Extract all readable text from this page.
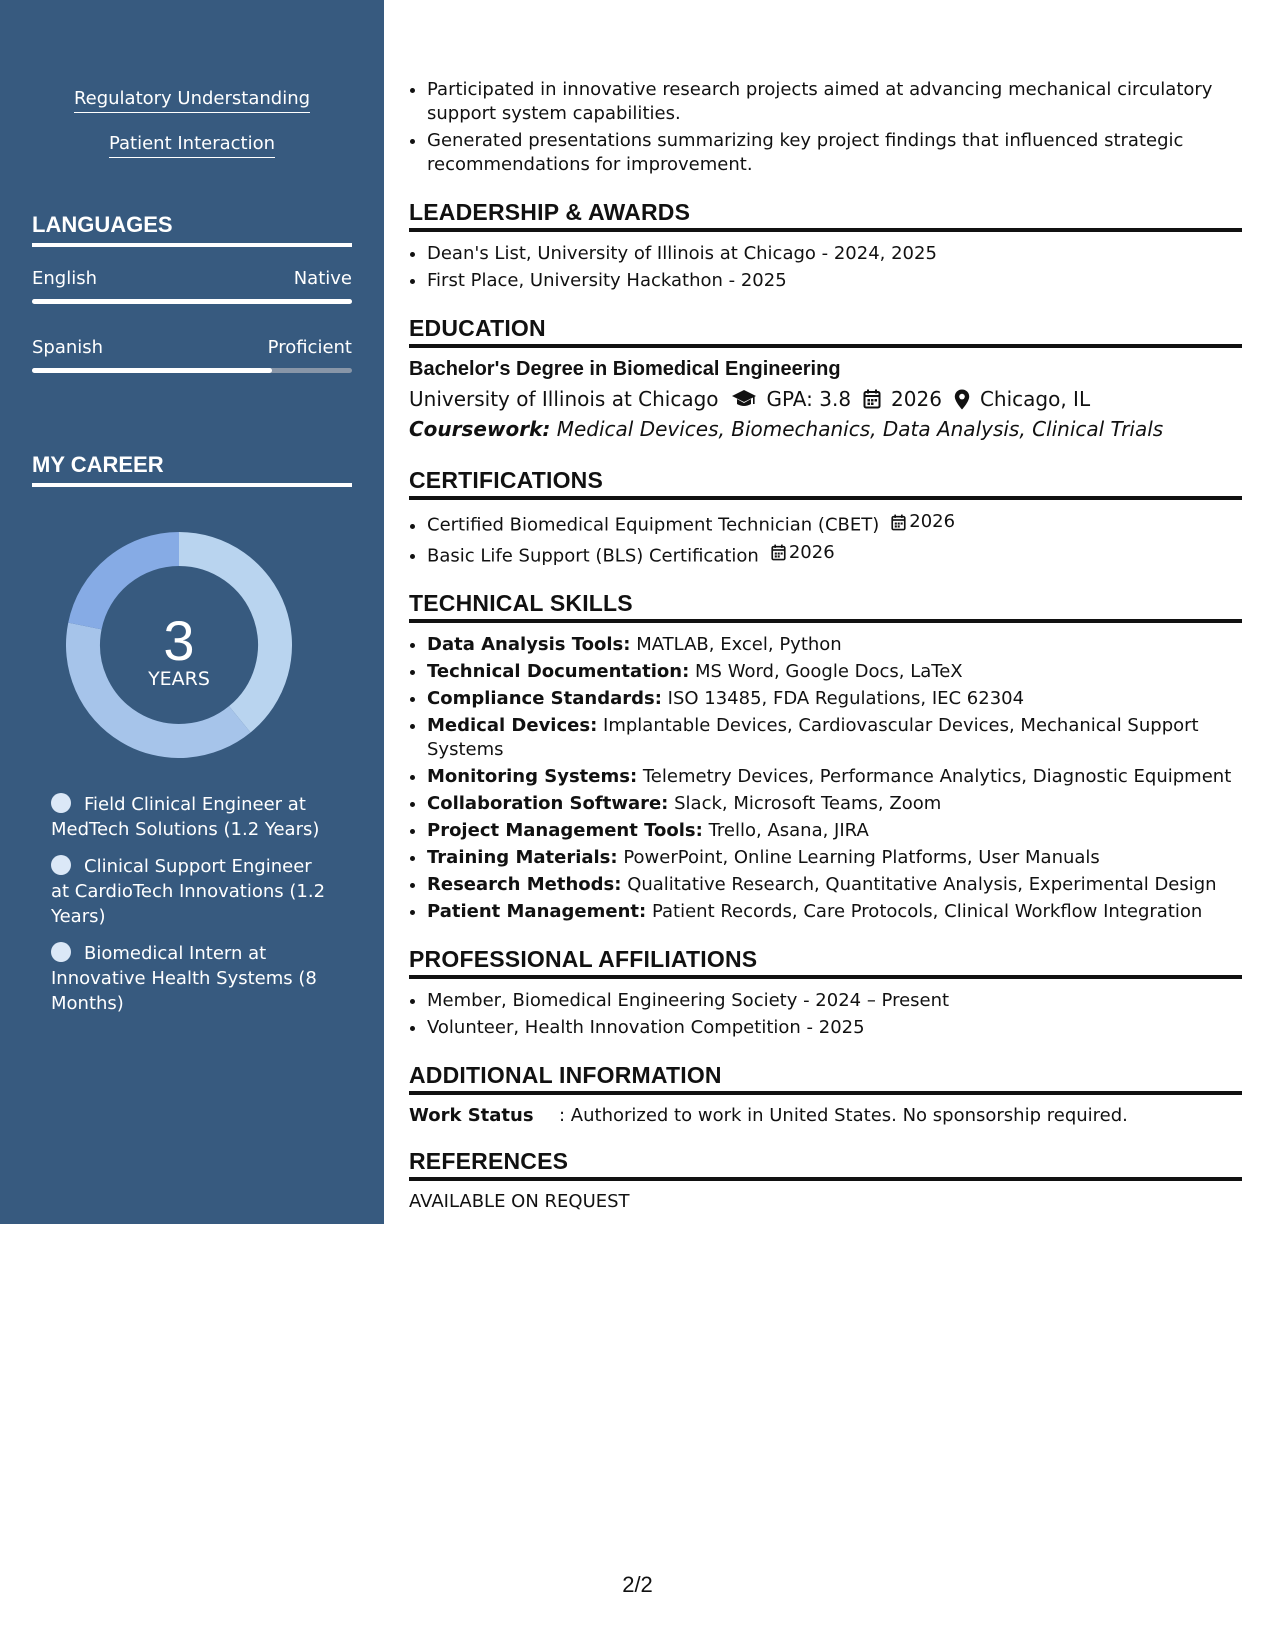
Regulatory Understanding
Patient Interaction
LANGUAGES
English	Native
Spanish	Proficient
MY CAREER
3
YEARS
Field Clinical Engineer at MedTech Solutions (1.2 Years)
Clinical Support Engineer at CardioTech Innovations (1.2 Years)
Biomedical Intern at Innovative Health Systems (8 Months)
• Participated in innovative research projects aimed at advancing mechanical circulatory support system capabilities.
• Generated presentations summarizing key project findings that influenced strategic recommendations for improvement.
LEADERSHIP & AWARDS
• Dean's List, University of Illinois at Chicago - 2024, 2025
• First Place, University Hackathon - 2025
EDUCATION
Bachelor's Degree in Biomedical Engineering
University of Illinois at Chicago GPA: 3.8 2026 Chicago, IL
Coursework: Medical Devices, Biomechanics, Data Analysis, Clinical Trials
CERTIFICATIONS
• Certified Biomedical Equipment Technician (CBET) 2026
• Basic Life Support (BLS) Certification 2026
TECHNICAL SKILLS
• Data Analysis Tools: MATLAB, Excel, Python
• Technical Documentation: MS Word, Google Docs, LaTeX
• Compliance Standards: ISO 13485, FDA Regulations, IEC 62304
• Medical Devices: Implantable Devices, Cardiovascular Devices, Mechanical Support Systems
• Monitoring Systems: Telemetry Devices, Performance Analytics, Diagnostic Equipment
• Collaboration Software: Slack, Microsoft Teams, Zoom
• Project Management Tools: Trello, Asana, JIRA
• Training Materials: PowerPoint, Online Learning Platforms, User Manuals
• Research Methods: Qualitative Research, Quantitative Analysis, Experimental Design
• Patient Management: Patient Records, Care Protocols, Clinical Workflow Integration
PROFESSIONAL AFFILIATIONS
• Member, Biomedical Engineering Society - 2024 – Present
• Volunteer, Health Innovation Competition - 2025
ADDITIONAL INFORMATION
Work Status	: Authorized to work in United States. No sponsorship required.
REFERENCES
AVAILABLE ON REQUEST
2/2
